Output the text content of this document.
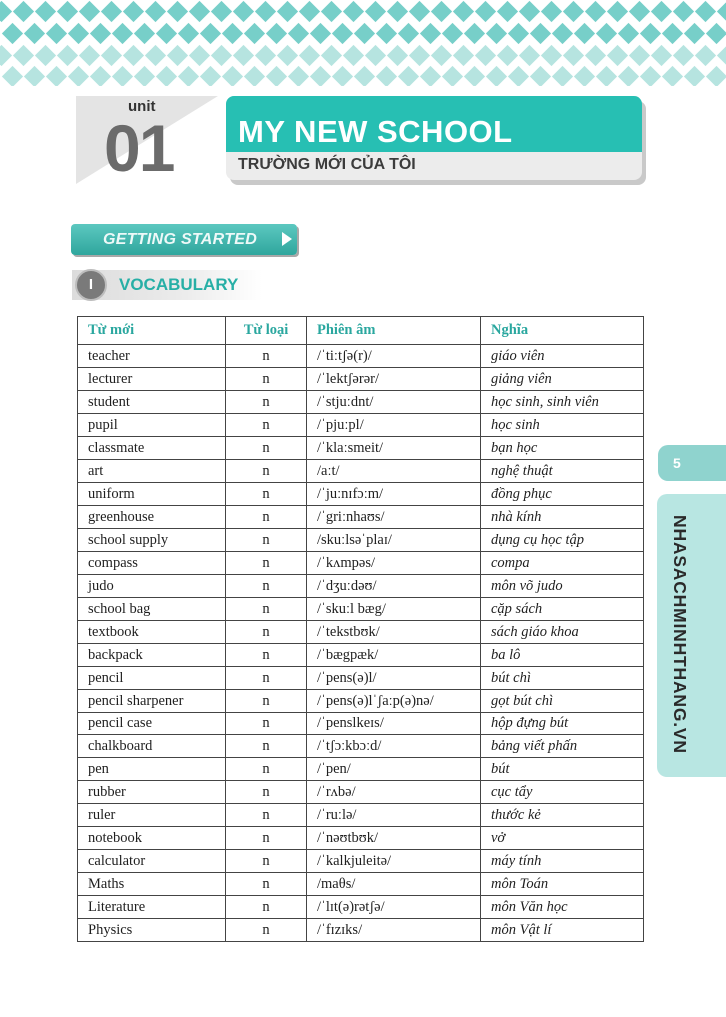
unit
01 MY NEW SCHOOL
TRƯỜNG MỚI CỦA TÔI
GETTING STARTED
I	VOCABULARY
Từ mới	Từ loại	Phiên âm	Nghĩa
teacher	n	/ˈtiːtʃə(r)/	giáo viên
lecturer	n	/ˈlektʃərər/	giảng viên
student	n	/ˈstjuːdnt/	học sinh, sinh viên
pupil	n	/ˈpjuːpl/	học sinh
classmate	n	/ˈklaːsmeit/	bạn học
art	n	/aːt/	nghệ thuật
uniform	n	/ˈjuːnɪfɔːm/	đồng phục
greenhouse	n	/ˈgriːnhaʊs/	nhà kính
school supply	n	/skuːlsəˈplaɪ/	dụng cụ học tập
compass	n	/ˈkʌmpəs/	compa
judo	n	/ˈdʒuːdəʊ/	môn võ judo
school bag	n	/ˈskuːl bæg/	cặp sách
textbook	n	/ˈtekstbʊk/	sách giáo khoa
backpack	n	/ˈbægpæk/	ba lô
pencil	n	/ˈpens(ə)l/	bút chì
pencil sharpener	n	/ˈpens(ə)lˈʃaːp(ə)nə/	gọt bút chì
pencil case	n	/ˈpenslkeɪs/	hộp đựng bút
chalkboard	n	/ˈtʃɔːkbɔːd/	bảng viết phấn
pen	n	/ˈpen/	bút
rubber	n	/ˈrʌbə/	cục tẩy
ruler	n	/ˈruːlə/	thước kẻ
notebook	n	/ˈnəʊtbʊk/	vở
calculator	n	/ˈkalkjuleitə/	máy tính
Maths	n	/maθs/	môn Toán
Literature	n	/ˈlɪt(ə)rətʃə/	môn Văn học
Physics	n	/ˈfɪzɪks/	môn Vật lí
5
NHASACHMINHTHANG.VN
